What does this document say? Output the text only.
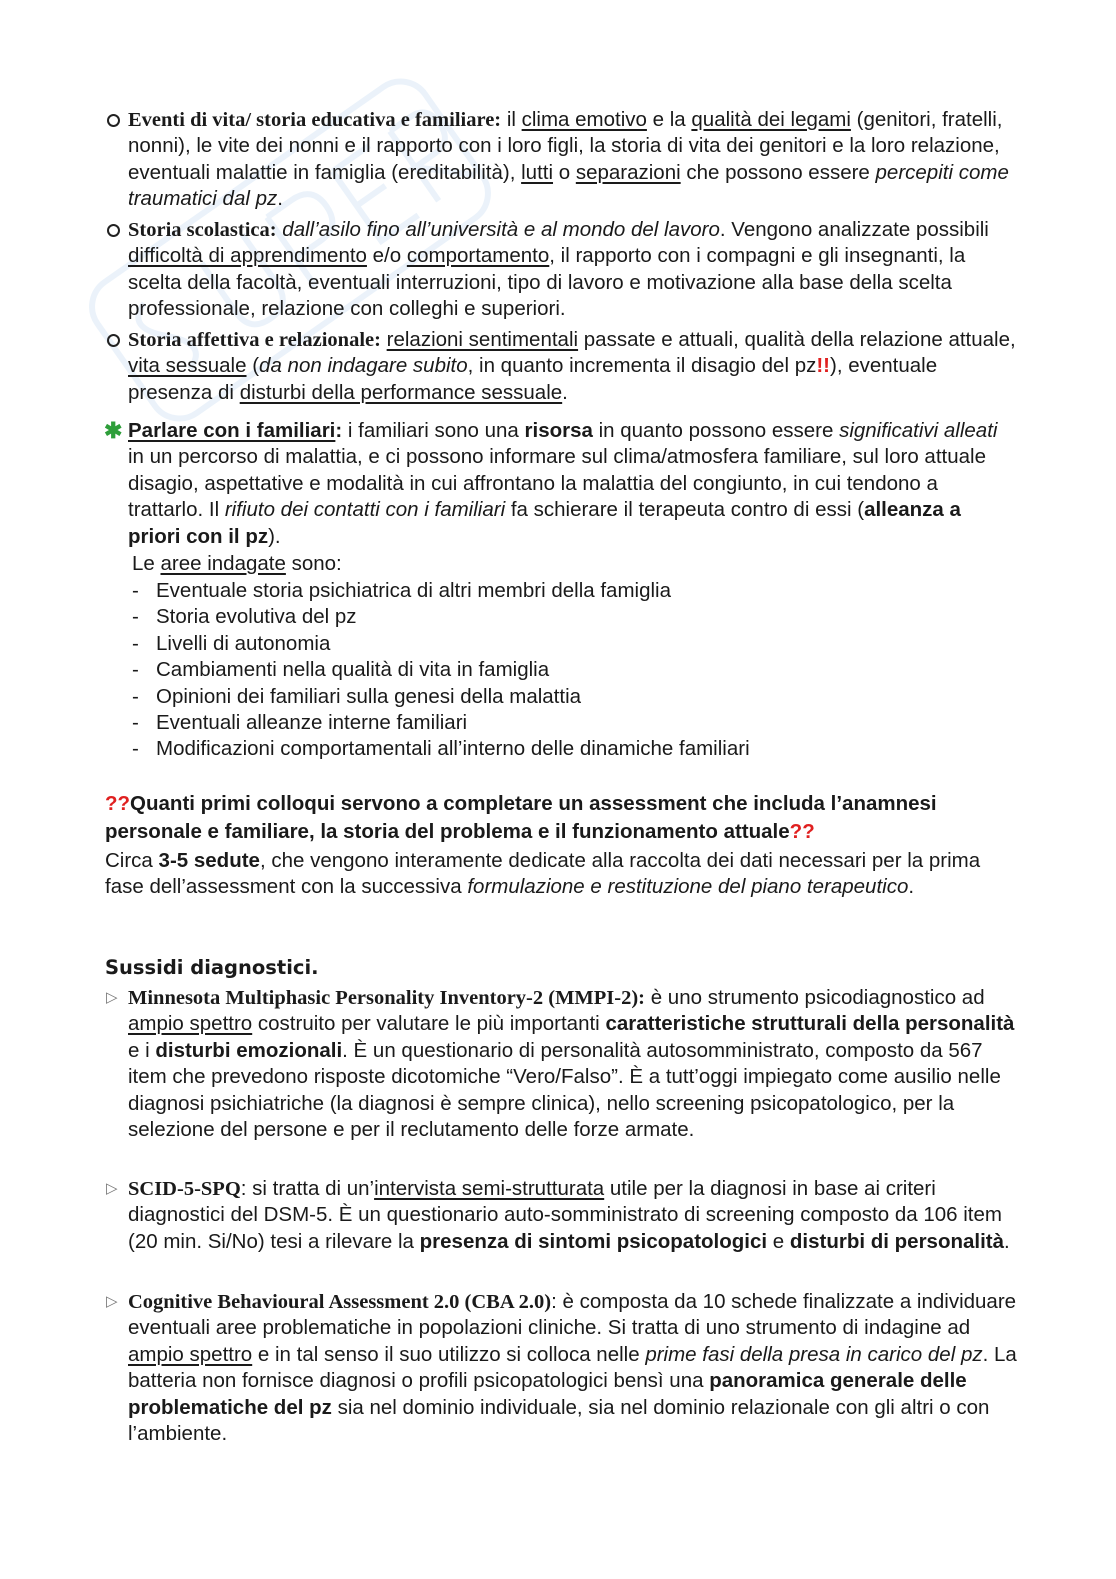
Eventi di vita/ storia educativa e familiare: il clima emotivo e la qualità dei legami (genitori, fratelli, nonni), le vite dei nonni e il rapporto con i loro figli, la storia di vita dei genitori e la loro relazione, eventuali malattie in famiglia (ereditabilità), lutti o separazioni che possono essere percepiti come traumatici dal pz.

Storia scolastica: dall’asilo fino all’università e al mondo del lavoro. Vengono analizzate possibili difficoltà di apprendimento e/o comportamento, il rapporto con i compagni e gli insegnanti, la scelta della facoltà, eventuali interruzioni, tipo di lavoro e motivazione alla base della scelta professionale, relazione con colleghi e superiori.

Storia affettiva e relazionale: relazioni sentimentali passate e attuali, qualità della relazione attuale, vita sessuale (da non indagare subito, in quanto incrementa il disagio del pz!!), eventuale presenza di disturbi della performance sessuale.

✱ Parlare con i familiari: i familiari sono una risorsa in quanto possono essere significativi alleati in un percorso di malattia, e ci possono informare sul clima/atmosfera familiare, sul loro attuale disagio, aspettative e modalità in cui affrontano la malattia del congiunto, in cui tendono a trattarlo. Il rifiuto dei contatti con i familiari fa schierare il terapeuta contro di essi (alleanza a priori con il pz).

Le aree indagate sono:

- Eventuale storia psichiatrica di altri membri della famiglia
- Storia evolutiva del pz
- Livelli di autonomia
- Cambiamenti nella qualità di vita in famiglia
- Opinioni dei familiari sulla genesi della malattia
- Eventuali alleanze interne familiari
- Modificazioni comportamentali all’interno delle dinamiche familiari

??Quanti primi colloqui servono a completare un assessment che includa l’anamnesi personale e familiare, la storia del problema e il funzionamento attuale??

Circa 3-5 sedute, che vengono interamente dedicate alla raccolta dei dati necessari per la prima fase dell’assessment con la successiva formulazione e restituzione del piano terapeutico.

Sussidi diagnostici.

▷ Minnesota Multiphasic Personality Inventory-2 (MMPI-2): è uno strumento psicodiagnostico ad ampio spettro costruito per valutare le più importanti caratteristiche strutturali della personalità e i disturbi emozionali. È un questionario di personalità autosomministrato, composto da 567 item che prevedono risposte dicotomiche “Vero/Falso”. È a tutt’oggi impiegato come ausilio nelle diagnosi psichiatriche (la diagnosi è sempre clinica), nello screening psicopatologico, per la selezione del persone e per il reclutamento delle forze armate.

▷ SCID-5-SPQ: si tratta di un’intervista semi-strutturata utile per la diagnosi in base ai criteri diagnostici del DSM-5. È un questionario auto-somministrato di screening composto da 106 item (20 min. Si/No) tesi a rilevare la presenza di sintomi psicopatologici e disturbi di personalità.

▷ Cognitive Behavioural Assessment 2.0 (CBA 2.0): è composta da 10 schede finalizzate a individuare eventuali aree problematiche in popolazioni cliniche. Si tratta di uno strumento di indagine ad ampio spettro e in tal senso il suo utilizzo si colloca nelle prime fasi della presa in carico del pz. La batteria non fornisce diagnosi o profili psicopatologici bensì una panoramica generale delle problematiche del pz sia nel dominio individuale, sia nel dominio relazionale con gli altri o con l’ambiente.
